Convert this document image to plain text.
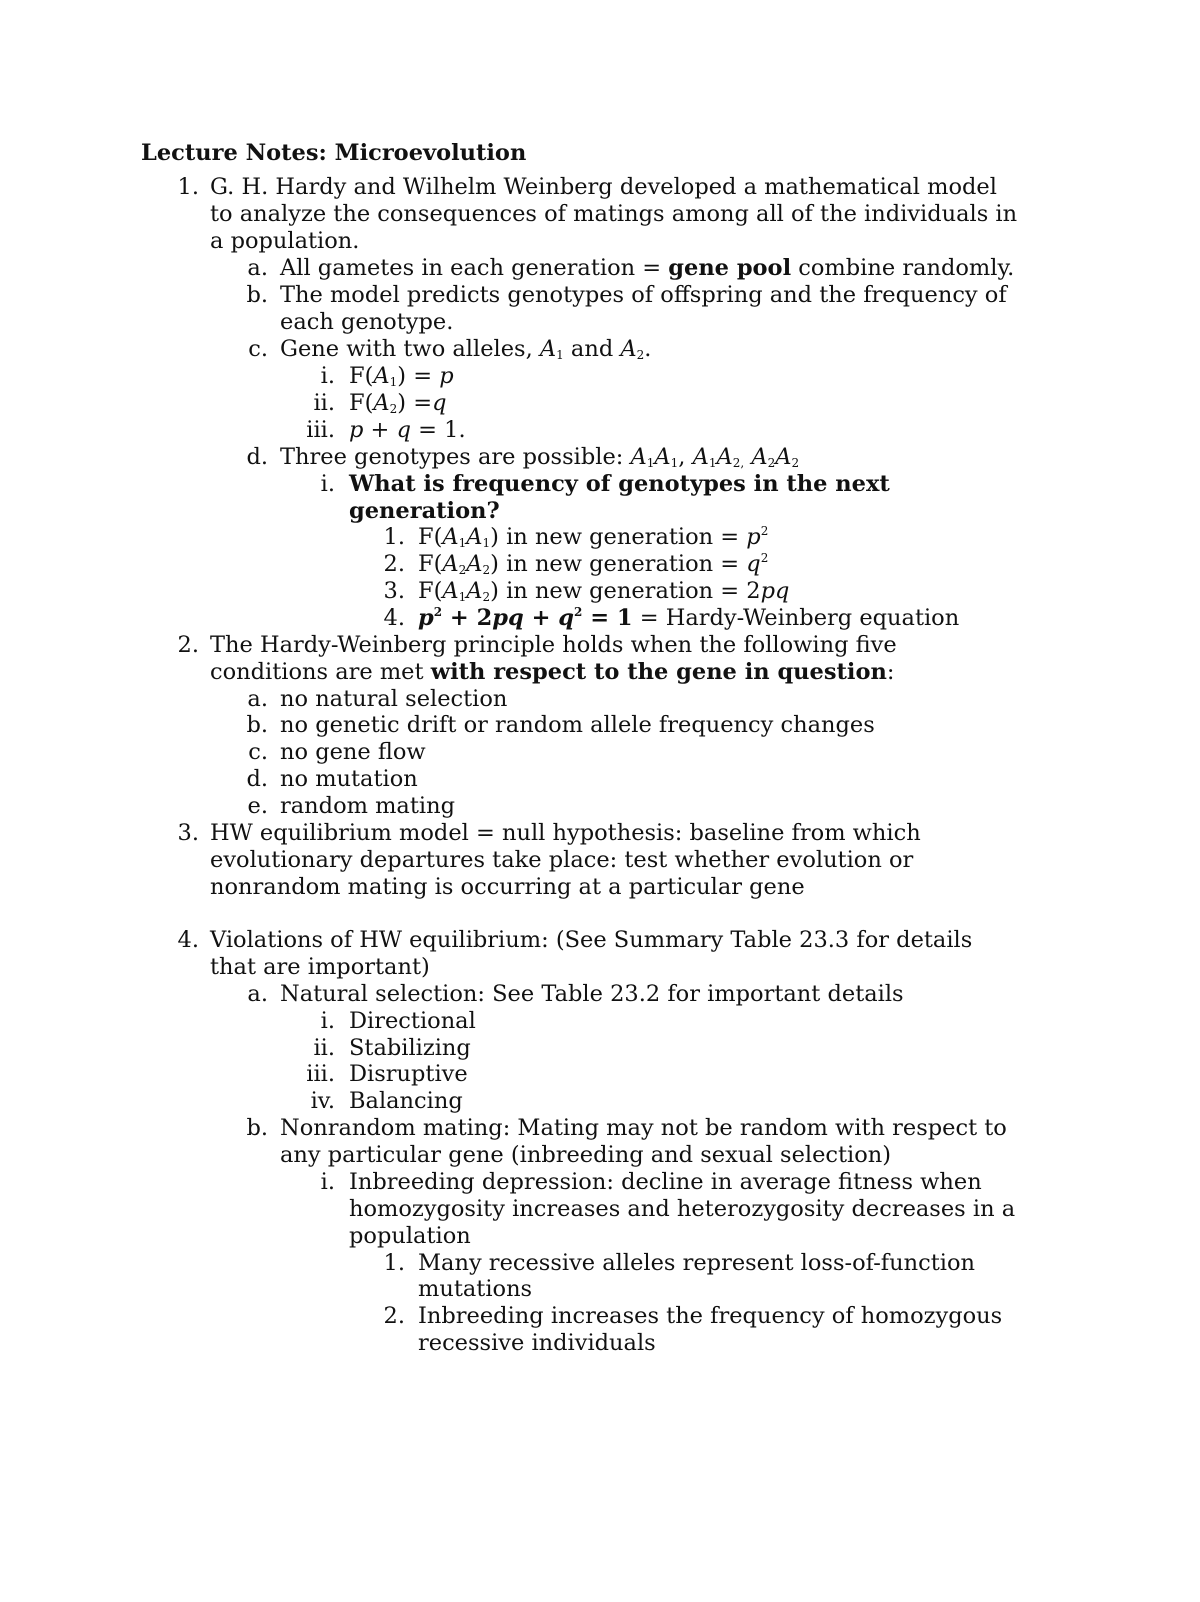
Lecture Notes: Microevolution
1. G. H. Hardy and Wilhelm Weinberg developed a mathematical model
to analyze the consequences of matings among all of the individuals in
a population.
a. All gametes in each generation = gene pool combine randomly.
b. The model predicts genotypes of offspring and the frequency of
each genotype.
c. Gene with two alleles, $A_1$ and $A_2$.
i. $F(A_1) = p$
ii. $F(A_2) =q$
iii. p + q = 1.
d. Three genotypes are possible: $A_1A_1$, $A_1A_{2,}$ $A_2A_2$
i. What is frequency of genotypes in the next
generation?
1. $F(A_1A_1)$ in new generation = $p^2$
2. $F(A_2A_2)$ in new generation = $q^2$
3. $F(A_1A_2)$ in new generation = 2pq
4. $p^2 + 2pq + q^2 = 1$ = Hardy-Weinberg equation
2. The Hardy-Weinberg principle holds when the following five
conditions are met with respect to the gene in question:
a. no natural selection
b. no genetic drift or random allele frequency changes
c. no gene flow
d. no mutation
e. random mating
3. HW equilibrium model = null hypothesis: baseline from which
evolutionary departures take place: test whether evolution or
nonrandom mating is occurring at a particular gene
4. Violations of HW equilibrium: (See Summary Table 23.3 for details
that are important)
a. Natural selection: See Table 23.2 for important details
i. Directional
ii. Stabilizing
iii. Disruptive
iv. Balancing
b. Nonrandom mating: Mating may not be random with respect to
any particular gene (inbreeding and sexual selection)
i. Inbreeding depression: decline in average fitness when
homozygosity increases and heterozygosity decreases in a
population
1. Many recessive alleles represent loss-of-function
mutations
2. Inbreeding increases the frequency of homozygous
recessive individuals
